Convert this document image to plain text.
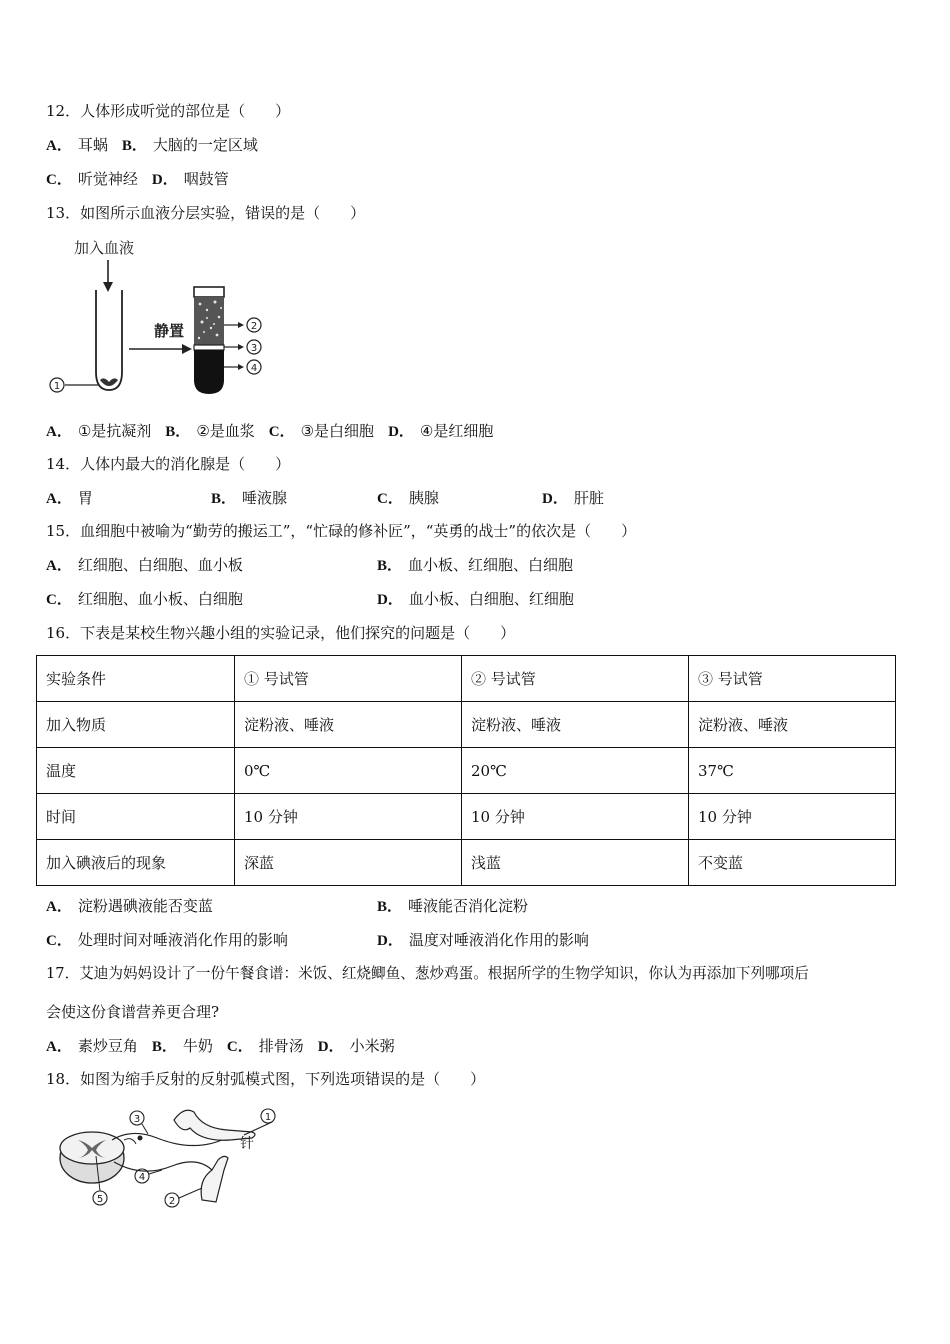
12．人体形成听觉的部位是（　　）
A． 耳蜗 B． 大脑的一定区域
C． 听觉神经 D． 咽鼓管
13．如图所示血液分层实验，错误的是（　　）
加入血液
1
静置	2
3
4
A． ①是抗凝剂 B． ②是血浆 C． ③是白细胞 D． ④是红细胞
14．人体内最大的消化腺是（　　）
A． 胃	B． 唾液腺	C． 胰腺	D． 肝脏
15．血细胞中被喻为“勤劳的搬运工”，“忙碌的修补匠”，“英勇的战士”的依次是（　　）
A． 红细胞、白细胞、血小板	B． 血小板、红细胞、白细胞
C． 红细胞、血小板、白细胞	D． 血小板、白细胞、红细胞
16．下表是某校生物兴趣小组的实验记录，他们探究的问题是（　　）
实验条件	① 号试管	② 号试管	③ 号试管
加入物质	淀粉液、唾液	淀粉液、唾液	淀粉液、唾液
温度	0℃	20℃	37℃
时间	10 分钟	10 分钟	10 分钟
加入碘液后的现象	深蓝	浅蓝	不变蓝
A． 淀粉遇碘液能否变蓝	B． 唾液能否消化淀粉
C． 处理时间对唾液消化作用的影响	D． 温度对唾液消化作用的影响
17．艾迪为妈妈设计了一份午餐食谱：米饭、红烧鲫鱼、葱炒鸡蛋。根据所学的生物学知识，你认为再添加下列哪项后
会使这份食谱营养更合理?
A． 素炒豆角 B． 牛奶 C． 排骨汤 D． 小米粥
18．如图为缩手反射的反射弧模式图，下列选项错误的是（　　）
1
针
3
4
5	2
